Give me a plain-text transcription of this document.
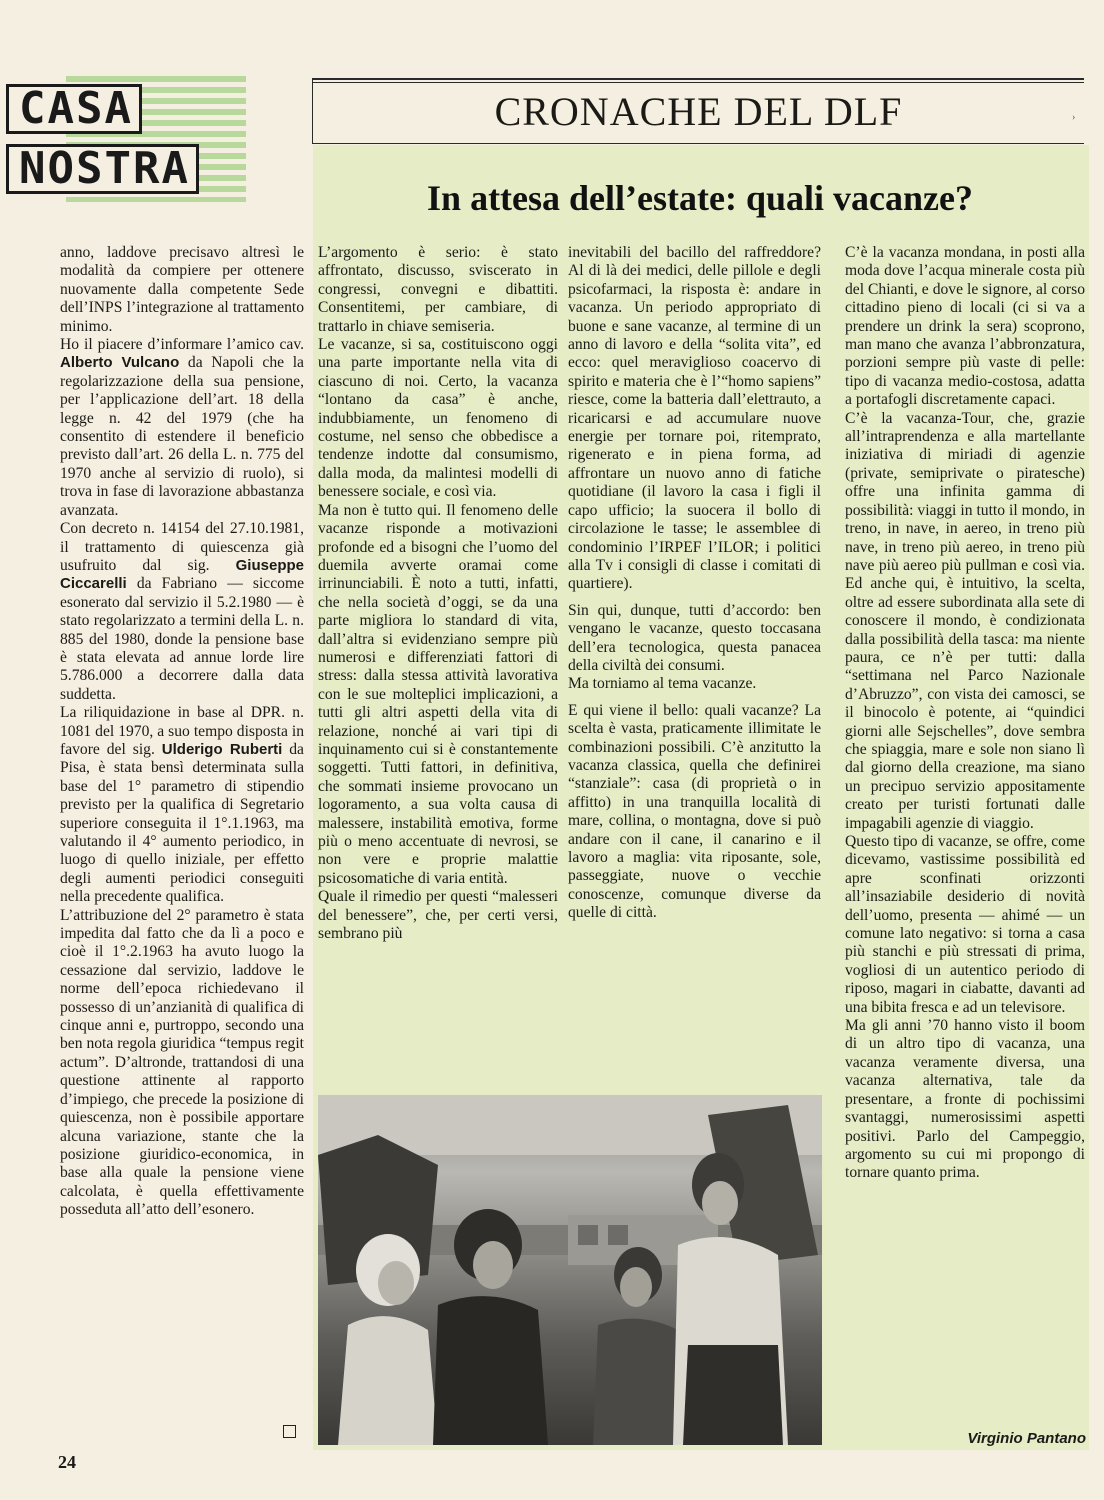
CASA
NOSTRA
CRONACHE DEL DLF	›
In attesa dell’estate: quali vacanze?

anno, laddove precisavo altresì le modalità da compiere per ottenere nuovamente dalla competente Sede dell’INPS l’integrazione al trattamento minimo.

Ho il piacere d’informare l’amico cav. Alberto Vulcano da Napoli che la regolarizzazione della sua pensione, per l’applicazione dell’art. 18 della legge n. 42 del 1979 (che ha consentito di estendere il beneficio previsto dall’art. 26 della L. n. 775 del 1970 anche al servizio di ruolo), si trova in fase di lavorazione abbastanza avanzata.

Con decreto n. 14154 del 27.10.1981, il trattamento di quiescenza già usufruito dal sig. Giuseppe Ciccarelli da Fabriano — siccome esonerato dal servizio il 5.2.1980 — è stato regolarizzato a termini della L. n. 885 del 1980, donde la pensione base è stata elevata ad annue lorde lire 5.786.000 a decorrere dalla data suddetta.

La riliquidazione in base al DPR. n. 1081 del 1970, a suo tempo disposta in favore del sig. Ulderigo Ruberti da Pisa, è stata bensì determinata sulla base del 1° parametro di stipendio previsto per la qualifica di Segretario superiore conseguita il 1°.1.1963, ma valutando il 4° aumento periodico, in luogo di quello iniziale, per effetto degli aumenti periodici conseguiti nella precedente qualifica.

L’attribuzione del 2° parametro è stata impedita dal fatto che da lì a poco e cioè il 1°.2.1963 ha avuto luogo la cessazione dal servizio, laddove le norme dell’epoca richiedevano il possesso di un’anzianità di qualifica di cinque anni e, purtroppo, secondo una ben nota regola giuridica “tempus regit actum”. D’altronde, trattandosi di una questione attinente al rapporto d’impiego, che precede la posizione di quiescenza, non è possibile apportare alcuna variazione, stante che la posizione giuridico-economica, in base alla quale la pensione viene calcolata, è quella effettivamente posseduta all’atto dell’esonero.

L’argomento è serio: è stato affrontato, discusso, sviscerato in congressi, convegni e dibattiti. Consentitemi, per cambiare, di trattarlo in chiave semiseria.

Le vacanze, si sa, costituiscono oggi una parte importante nella vita di ciascuno di noi. Certo, la vacanza “lontano da casa” è anche, indubbiamente, un fenomeno di costume, nel senso che obbedisce a tendenze indotte dal consumismo, dalla moda, da malintesi modelli di benessere sociale, e così via.

Ma non è tutto qui. Il fenomeno delle vacanze risponde a motivazioni profonde ed a bisogni che l’uomo del duemila avverte oramai come irrinunciabili. È noto a tutti, infatti, che nella società d’oggi, se da una parte migliora lo standard di vita, dall’altra si evidenziano sempre più numerosi e differenziati fattori di stress: dalla stessa attività lavorativa con le sue molteplici implicazioni, a tutti gli altri aspetti della vita di relazione, nonché ai vari tipi di inquinamento cui si è constantemente soggetti. Tutti fattori, in definitiva, che sommati insieme provocano un logoramento, a sua volta causa di malessere, instabilità emotiva, forme più o meno accentuate di nevrosi, se non vere e proprie malattie psicosomatiche di varia entità.

Quale il rimedio per questi “malesseri del benessere”, che, per certi versi, sembrano più

inevitabili del bacillo del raffreddore? Al di là dei medici, delle pillole e degli psicofarmaci, la risposta è: andare in vacanza. Un periodo appropriato di buone e sane vacanze, al termine di un anno di lavoro e della “solita vita”, ed ecco: quel meraviglioso coacervo di spirito e materia che è l’“homo sapiens” riesce, come la batteria dall’elettrauto, a ricaricarsi e ad accumulare nuove energie per tornare poi, ritemprato, rigenerato e in piena forma, ad affrontare un nuovo anno di fatiche quotidiane (il lavoro la casa i figli il capo ufficio; la suocera il bollo di circolazione le tasse; le assemblee di condominio l’IRPEF l’ILOR; i politici alla Tv i consigli di classe i comitati di quartiere).

Sin qui, dunque, tutti d’accordo: ben vengano le vacanze, questo toccasana dell’era tecnologica, questa panacea della civiltà dei consumi.

Ma torniamo al tema vacanze.

E qui viene il bello: quali vacanze? La scelta è vasta, praticamente illimitate le combinazioni possibili. C’è anzitutto la vacanza classica, quella che definirei “stanziale”: casa (di proprietà o in affitto) in una tranquilla località di mare, collina, o montagna, dove si può andare con il cane, il canarino e il lavoro a maglia: vita riposante, sole, passeggiate, nuove o vecchie conoscenze, comunque diverse da quelle di città.

C’è la vacanza mondana, in posti alla moda dove l’acqua minerale costa più del Chianti, e dove le signore, al corso cittadino pieno di locali (ci si va a prendere un drink la sera) scoprono, man mano che avanza l’abbronzatura, porzioni sempre più vaste di pelle: tipo di vacanza medio-costosa, adatta a portafogli discretamente capaci.

C’è la vacanza-Tour, che, grazie all’intraprendenza e alla martellante iniziativa di miriadi di agenzie (private, semiprivate o piratesche) offre una infinita gamma di possibilità: viaggi in tutto il mondo, in treno, in nave, in aereo, in treno più nave, in treno più aereo, in treno più nave più aereo più pullman e così via. Ed anche qui, è intuitivo, la scelta, oltre ad essere subordinata alla sete di conoscere il mondo, è condizionata dalla possibilità della tasca: ma niente paura, ce n’è per tutti: dalla “settimana nel Parco Nazionale d’Abruzzo”, con vista dei camosci, se il binocolo è potente, ai “quindici giorni alle Sejschelles”, dove sembra che spiaggia, mare e sole non siano lì dal giorno della creazione, ma siano un precipuo servizio appositamente creato per turisti fortunati dalle impagabili agenzie di viaggio.

Questo tipo di vacanze, se offre, come dicevamo, vastissime possibilità ed apre sconfinati orizzonti all’insaziabile desiderio di novità dell’uomo, presenta — ahimé — un comune lato negativo: si torna a casa più stanchi e più stressati di prima, vogliosi di un autentico periodo di riposo, magari in ciabatte, davanti ad una bibita fresca e ad un televisore.

Ma gli anni ’70 hanno visto il boom di un altro tipo di vacanza, una vacanza veramente diversa, una vacanza alternativa, tale da presentare, a fronte di pochissimi svantaggi, numerosissimi aspetti positivi. Parlo del Campeggio, argomento su cui mi propongo di tornare quanto prima.

24
Virginio Pantano
